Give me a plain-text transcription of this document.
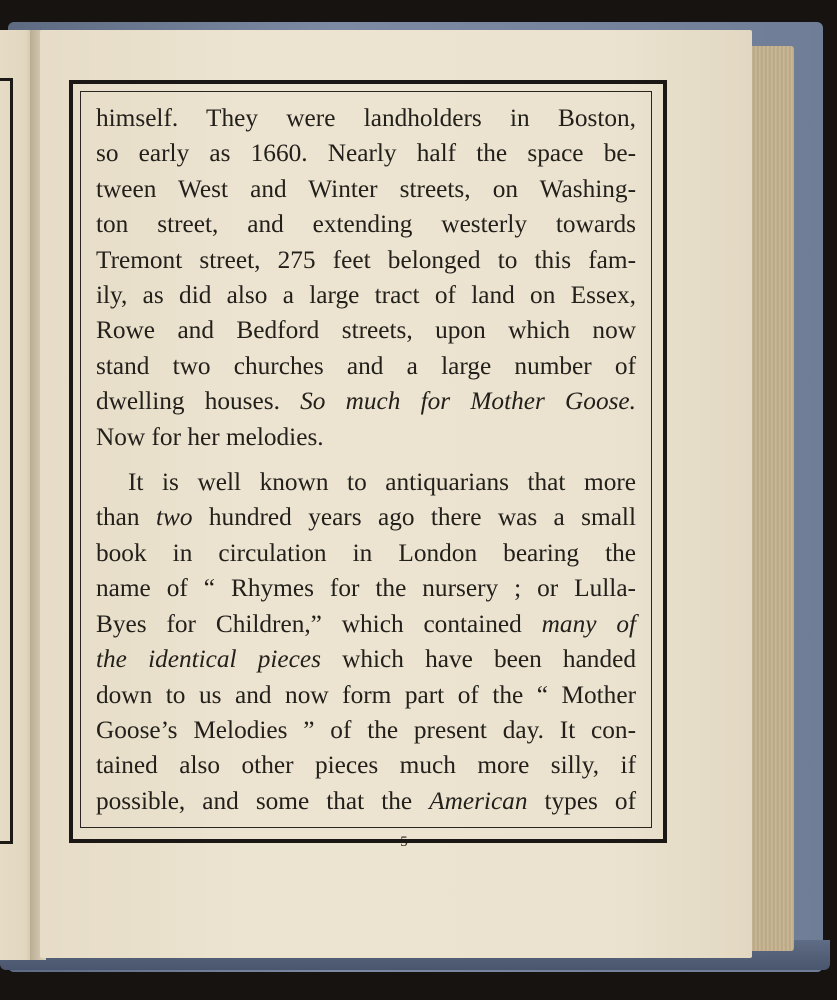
5
himself. They were landholders in Boston,
so early as 1660. Nearly half the space be-
tween West and Winter streets, on Washing-
ton street, and extending westerly towards
Tremont street, 275 feet belonged to this fam-
ily, as did also a large tract of land on Essex,
Rowe and Bedford streets, upon which now
stand two churches and a large number of
dwelling houses. So much for Mother Goose.
Now for her melodies.
It is well known to antiquarians that more
than two hundred years ago there was a small
book in circulation in London bearing the
name of “ Rhymes for the nursery ; or Lulla-
Byes for Children,” which contained many of
the identical pieces which have been handed
down to us and now form part of the “ Mother
Goose’s Melodies ” of the present day. It con-
tained also other pieces much more silly, if
possible, and some that the American types of
